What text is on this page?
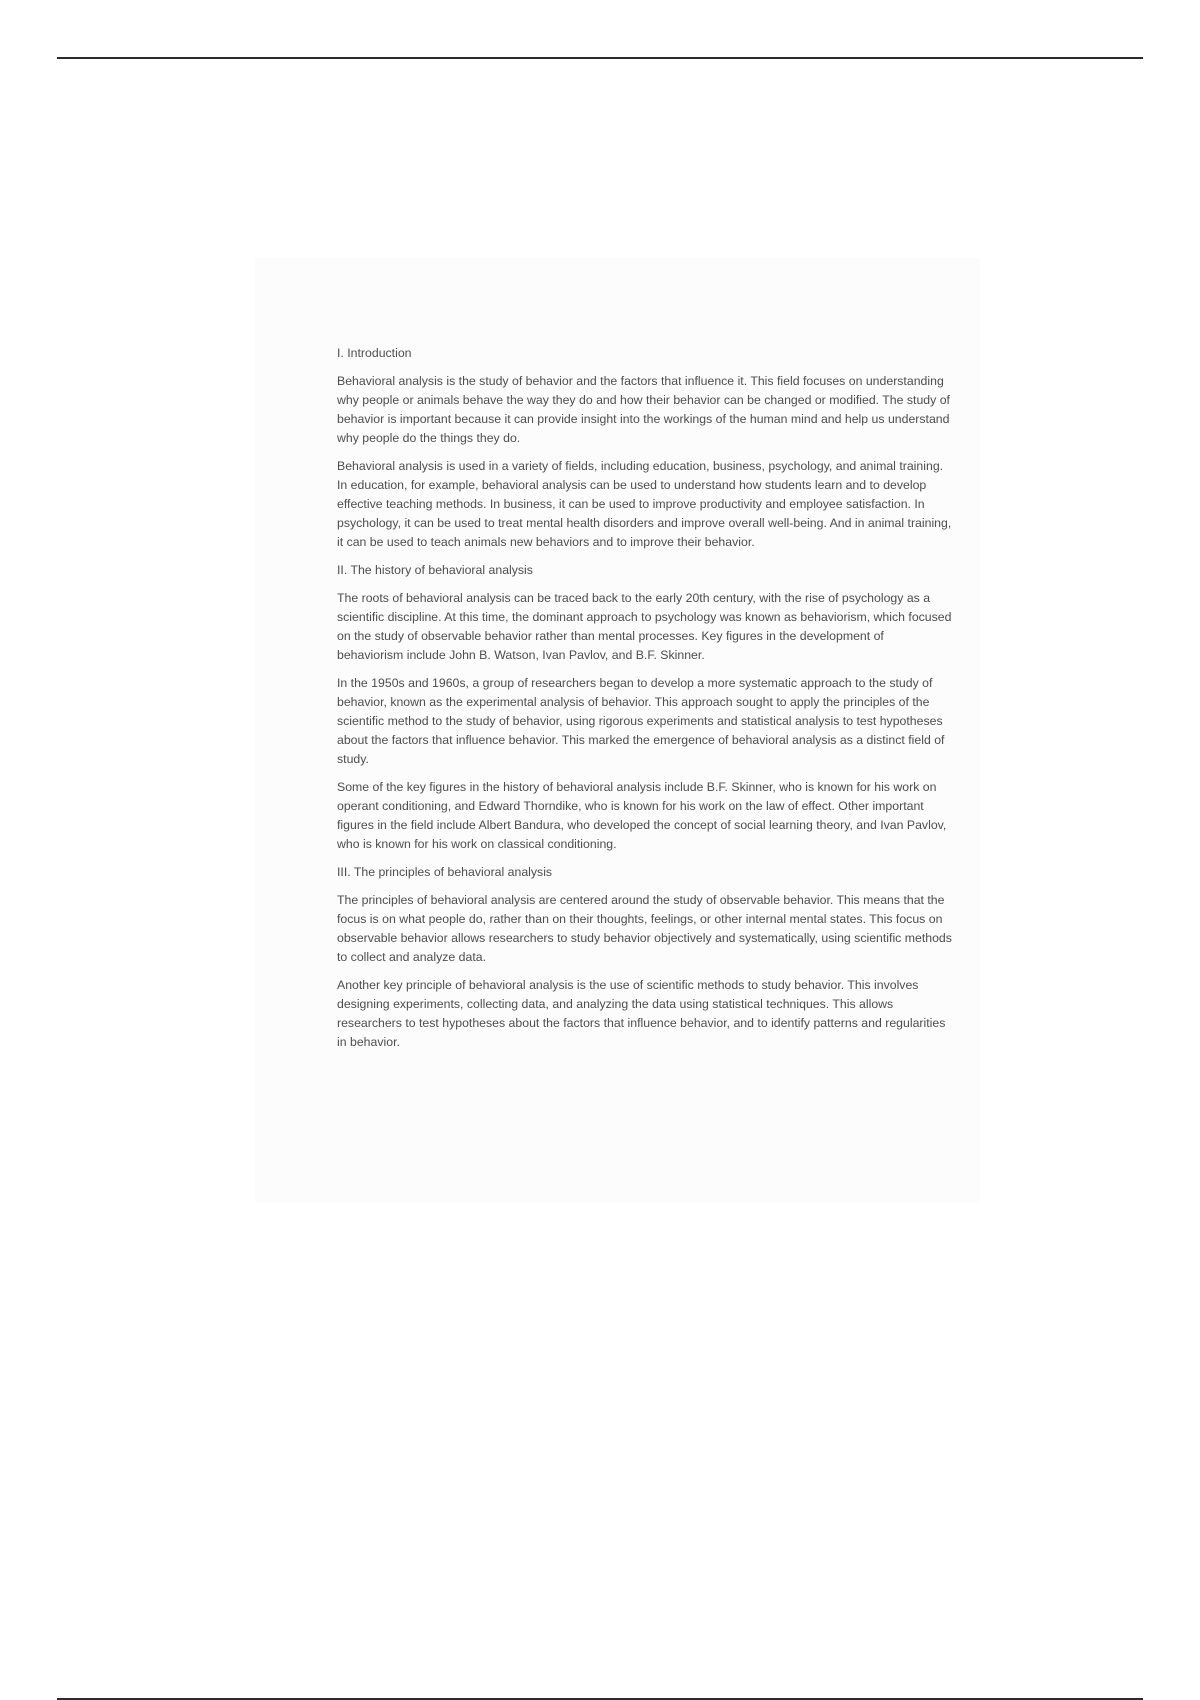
I. Introduction

Behavioral analysis is the study of behavior and the factors that influence it. This field focuses on understanding why people or animals behave the way they do and how their behavior can be changed or modified. The study of behavior is important because it can provide insight into the workings of the human mind and help us understand why people do the things they do.

Behavioral analysis is used in a variety of fields, including education, business, psychology, and animal training. In education, for example, behavioral analysis can be used to understand how students learn and to develop effective teaching methods. In business, it can be used to improve productivity and employee satisfaction. In psychology, it can be used to treat mental health disorders and improve overall well-being. And in animal training, it can be used to teach animals new behaviors and to improve their behavior.

II. The history of behavioral analysis

The roots of behavioral analysis can be traced back to the early 20th century, with the rise of psychology as a scientific discipline. At this time, the dominant approach to psychology was known as behaviorism, which focused on the study of observable behavior rather than mental processes. Key figures in the development of behaviorism include John B. Watson, Ivan Pavlov, and B.F. Skinner.

In the 1950s and 1960s, a group of researchers began to develop a more systematic approach to the study of behavior, known as the experimental analysis of behavior. This approach sought to apply the principles of the scientific method to the study of behavior, using rigorous experiments and statistical analysis to test hypotheses about the factors that influence behavior. This marked the emergence of behavioral analysis as a distinct field of study.

Some of the key figures in the history of behavioral analysis include B.F. Skinner, who is known for his work on operant conditioning, and Edward Thorndike, who is known for his work on the law of effect. Other important figures in the field include Albert Bandura, who developed the concept of social learning theory, and Ivan Pavlov, who is known for his work on classical conditioning.

III. The principles of behavioral analysis

The principles of behavioral analysis are centered around the study of observable behavior. This means that the focus is on what people do, rather than on their thoughts, feelings, or other internal mental states. This focus on observable behavior allows researchers to study behavior objectively and systematically, using scientific methods to collect and analyze data.

Another key principle of behavioral analysis is the use of scientific methods to study behavior. This involves designing experiments, collecting data, and analyzing the data using statistical techniques. This allows researchers to test hypotheses about the factors that influence behavior, and to identify patterns and regularities in behavior.
